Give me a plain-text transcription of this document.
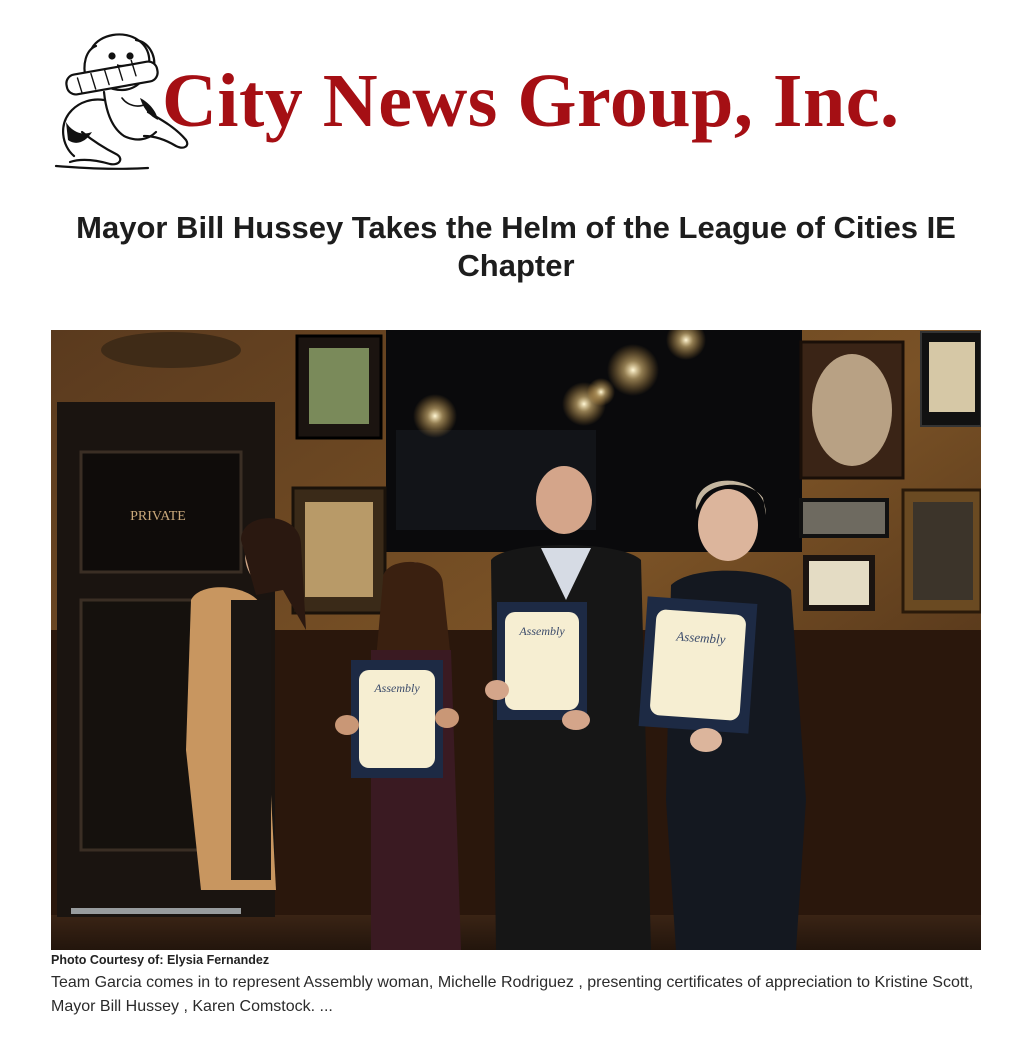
City News Group, Inc.
Mayor Bill Hussey Takes the Helm of the League of Cities IE Chapter
PRIVATE
Assembly
Assembly	Assembly

Photo Courtesy of: Elysia Fernandez

Team Garcia comes in to represent Assembly woman, Michelle Rodriguez , presenting certificates of appreciation to Kristine Scott, Mayor Bill Hussey , Karen Comstock. ...
